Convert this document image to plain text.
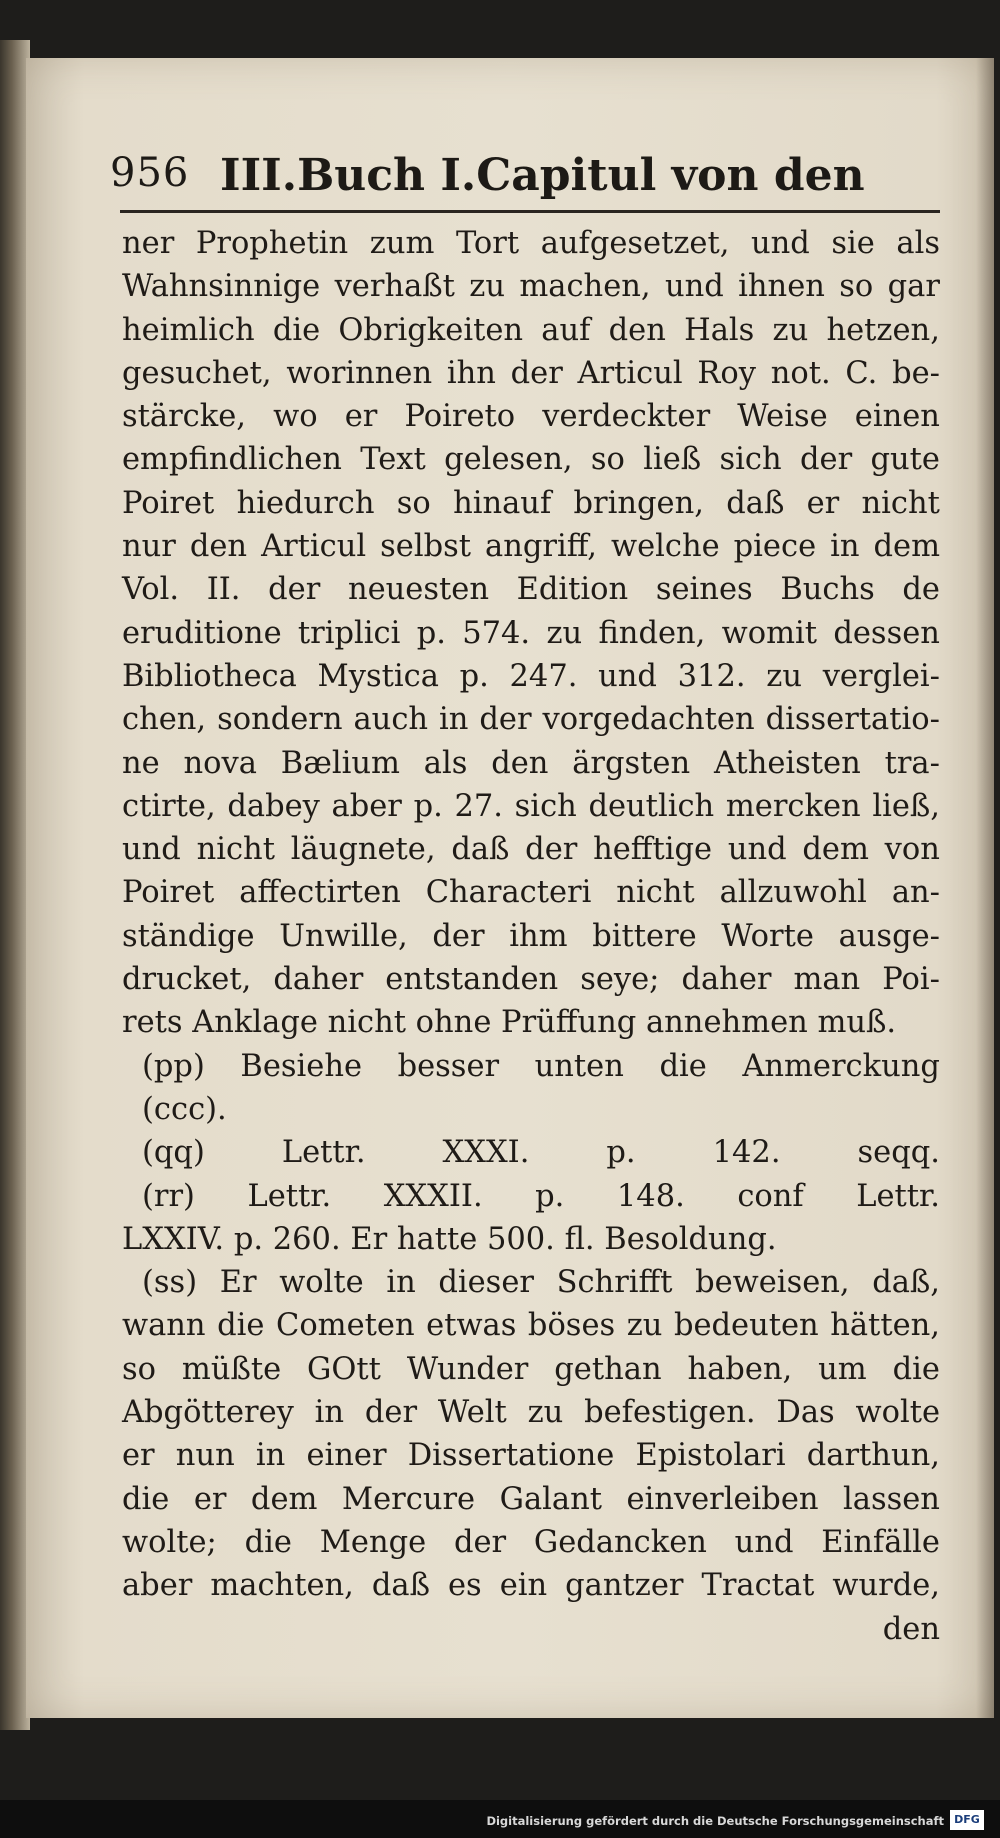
956 III.Buch I.Capitul von den
ner Prophetin zum Tort aufgesetzet, und sie als
Wahnsinnige verhaßt zu machen, und ihnen so gar
heimlich die Obrigkeiten auf den Hals zu hetzen,
gesuchet, worinnen ihn der Articul Roy not. C. be-
stärcke, wo er Poireto verdeckter Weise einen
empfindlichen Text gelesen, so ließ sich der gute
Poiret hiedurch so hinauf bringen, daß er nicht
nur den Articul selbst angriff, welche piece in dem
Vol. II. der neuesten Edition seines Buchs de
eruditione triplici p. 574. zu finden, womit dessen
Bibliotheca Mystica p. 247. und 312. zu verglei-
chen, sondern auch in der vorgedachten dissertatio-
ne nova Bælium als den ärgsten Atheisten tra-
ctirte, dabey aber p. 27. sich deutlich mercken ließ,
und nicht läugnete, daß der hefftige und dem von
Poiret affectirten Characteri nicht allzuwohl an-
ständige Unwille, der ihm bittere Worte ausge-
drucket, daher entstanden seye; daher man Poi-
rets Anklage nicht ohne Prüffung annehmen muß.
(pp) Besiehe besser unten die Anmerckung
(ccc).
(qq)	Lettr.	XXXI.	p.	142.	seqq.
(rr) Lettr. XXXII. p. 148. conf Lettr.
LXXIV. p. 260. Er hatte 500. fl. Besoldung.
(ss) Er wolte in dieser Schrifft beweisen, daß,
wann die Cometen etwas böses zu bedeuten hätten,
so müßte GOtt Wunder gethan haben, um die
Abgötterey in der Welt zu befestigen. Das wolte
er nun in einer Dissertatione Epistolari darthun,
die er dem Mercure Galant einverleiben lassen
wolte; die Menge der Gedancken und Einfälle
aber machten, daß es ein gantzer Tractat wurde,
den
Digitalisierung gefördert durch die Deutsche Forschungsgemeinschaft DFG
